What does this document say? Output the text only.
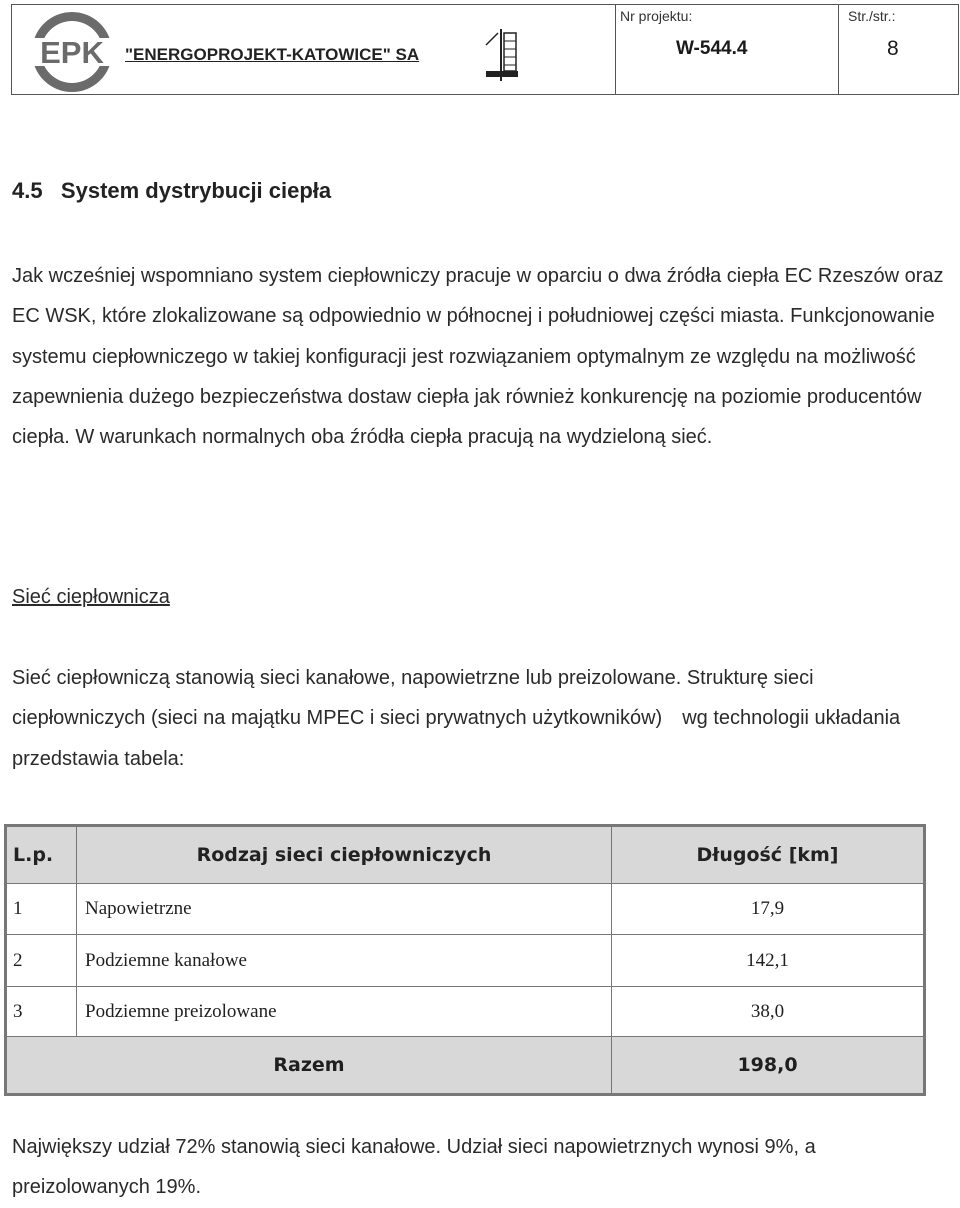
EPK "ENERGOPROJEKT-KATOWICE" SA
Nr projektu:
W-544.4
Str./str.:
8
4.5   System dystrybucji ciepła

Jak wcześniej wspomniano system ciepłowniczy pracuje w oparciu o dwa źródła ciepła EC Rzeszów oraz EC WSK, które zlokalizowane są odpowiednio w północnej i południowej części miasta. Funkcjonowanie systemu ciepłowniczego w takiej konfiguracji jest rozwiązaniem optymalnym ze względu na możliwość zapewnienia dużego bezpieczeństwa dostaw ciepła jak również konkurencję na poziomie producentów ciepła. W warunkach normalnych oba źródła ciepła pracują na wydzieloną sieć.

Sieć ciepłownicza

Sieć ciepłowniczą stanowią sieci kanałowe, napowietrzne lub preizolowane. Strukturę sieci ciepłowniczych (sieci na majątku MPEC i sieci prywatnych użytkowników) wg technologii układania przedstawia tabela:

L.p.	Rodzaj sieci ciepłowniczych	Długość [km]
1	Napowietrzne	17,9
2	Podziemne kanałowe	142,1
3	Podziemne preizolowane	38,0
Razem		198,0

Największy udział 72% stanowią sieci kanałowe. Udział sieci napowietrznych wynosi 9%, a preizolowanych 19%.
